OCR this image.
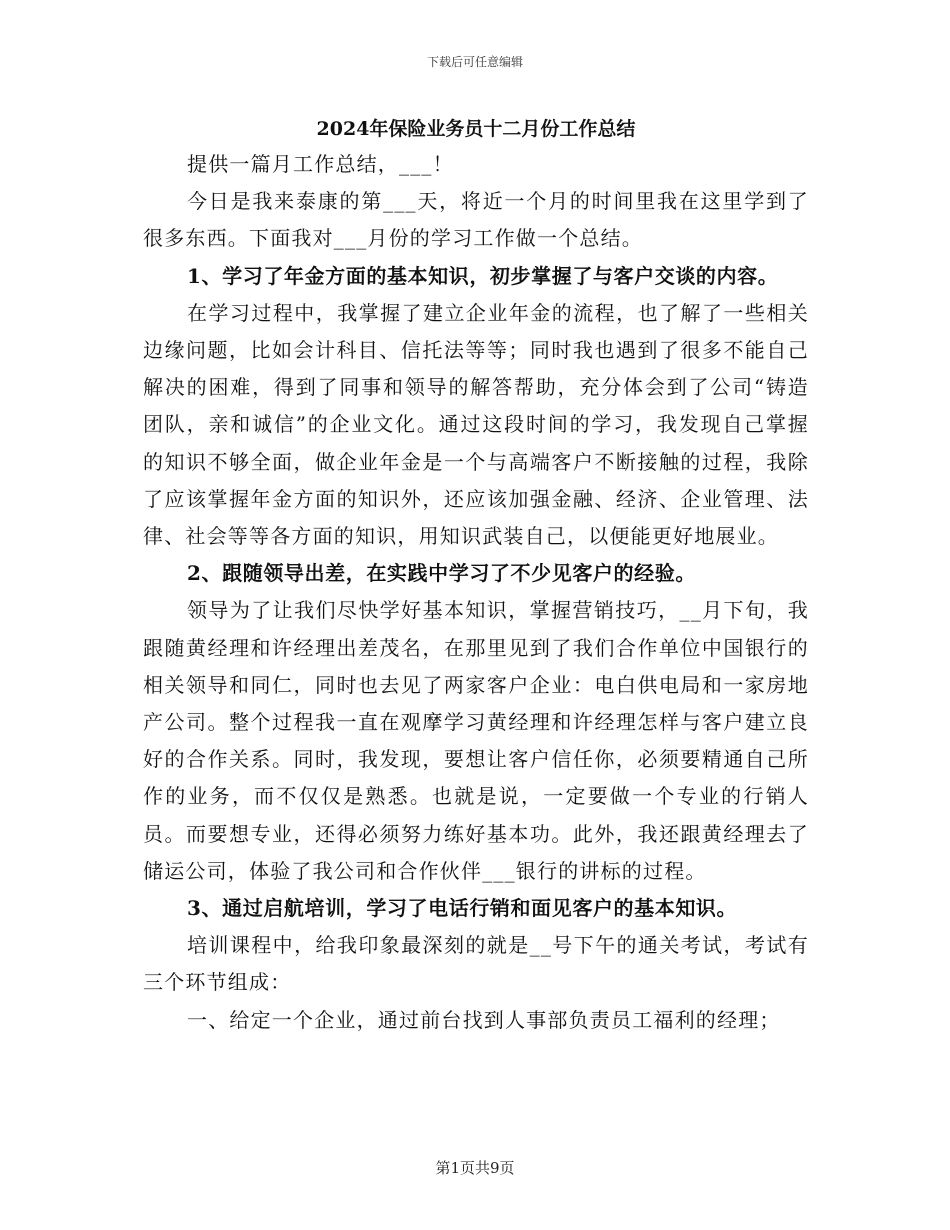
下载后可任意编辑

2024年保险业务员十二月份工作总结

提供一篇月工作总结，___！

今日是我来泰康的第___天，将近一个月的时间里我在这里学到了很多东西。下面我对___月份的学习工作做一个总结。

1、学习了年金方面的基本知识，初步掌握了与客户交谈的内容。

在学习过程中，我掌握了建立企业年金的流程，也了解了一些相关边缘问题，比如会计科目、信托法等等；同时我也遇到了很多不能自己解决的困难，得到了同事和领导的解答帮助，充分体会到了公司“铸造团队，亲和诚信”的企业文化。通过这段时间的学习，我发现自己掌握的知识不够全面，做企业年金是一个与高端客户不断接触的过程，我除了应该掌握年金方面的知识外，还应该加强金融、经济、企业管理、法律、社会等等各方面的知识，用知识武装自己，以便能更好地展业。

2、跟随领导出差，在实践中学习了不少见客户的经验。

领导为了让我们尽快学好基本知识，掌握营销技巧，__月下旬，我跟随黄经理和许经理出差茂名，在那里见到了我们合作单位中国银行的相关领导和同仁，同时也去见了两家客户企业：电白供电局和一家房地产公司。整个过程我一直在观摩学习黄经理和许经理怎样与客户建立良好的合作关系。同时，我发现，要想让客户信任你，必须要精通自己所作的业务，而不仅仅是熟悉。也就是说，一定要做一个专业的行销人员。而要想专业，还得必须努力练好基本功。此外，我还跟黄经理去了储运公司，体验了我公司和合作伙伴___银行的讲标的过程。

3、通过启航培训，学习了电话行销和面见客户的基本知识。

培训课程中，给我印象最深刻的就是__号下午的通关考试，考试有三个环节组成：

一、给定一个企业，通过前台找到人事部负责员工福利的经理；

第1页共9页
